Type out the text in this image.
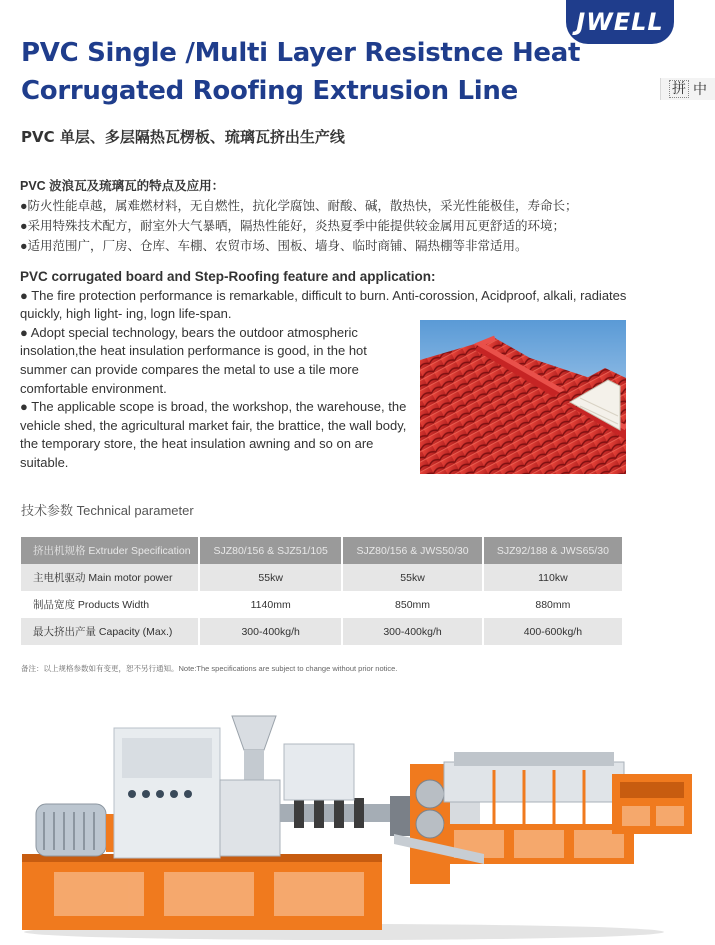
JWELL
拼 中
PVC Single /Multi Layer Resistnce Heat
Corrugated Roofing Extrusion Line
PVC 单层、多层隔热瓦楞板、琉璃瓦挤出生产线
PVC 波浪瓦及琉璃瓦的特点及应用：
●防火性能卓越，属难燃材料，无自燃性，抗化学腐蚀、耐酸、碱，散热快，采光性能极佳，寿命长；
●采用特殊技术配方，耐室外大气暴晒，隔热性能好，炎热夏季中能提供较金属用瓦更舒适的环境；
●适用范围广，厂房、仓库、车棚、农贸市场、围板、墙身、临时商铺、隔热棚等非常适用。
PVC corrugated board and Step-Roofing feature and application:
● The fire protection performance is remarkable, difficult to burn. Anti-corossion, Acidproof, alkali, radiates quickly, high light- ing, logn life-span.
● Adopt special technology, bears the outdoor atmospheric insolation,the heat insulation performance is good, in the hot summer can provide compares the metal to use a tile more comfortable environment.
● The applicable scope is broad, the workshop, the warehouse, the vehicle shed, the agricultural market fair, the brattice, the wall body, the temporary store, the heat insulation awning and so on are suitable.
技术参数 Technical parameter
挤出机规格 Extruder Specification	SJZ80/156 & SJZ51/105	SJZ80/156 & JWS50/30	SJZ92/188 & JWS65/30
主电机驱动 Main motor power	55kw	55kw	110kw
制品宽度 Products Width	1140mm	850mm	880mm
最大挤出产量 Capacity (Max.)	300-400kg/h	300-400kg/h	400-600kg/h
备注：以上规格参数如有变更，恕不另行通知。Note:The specifications are subject to change without prior notice.
